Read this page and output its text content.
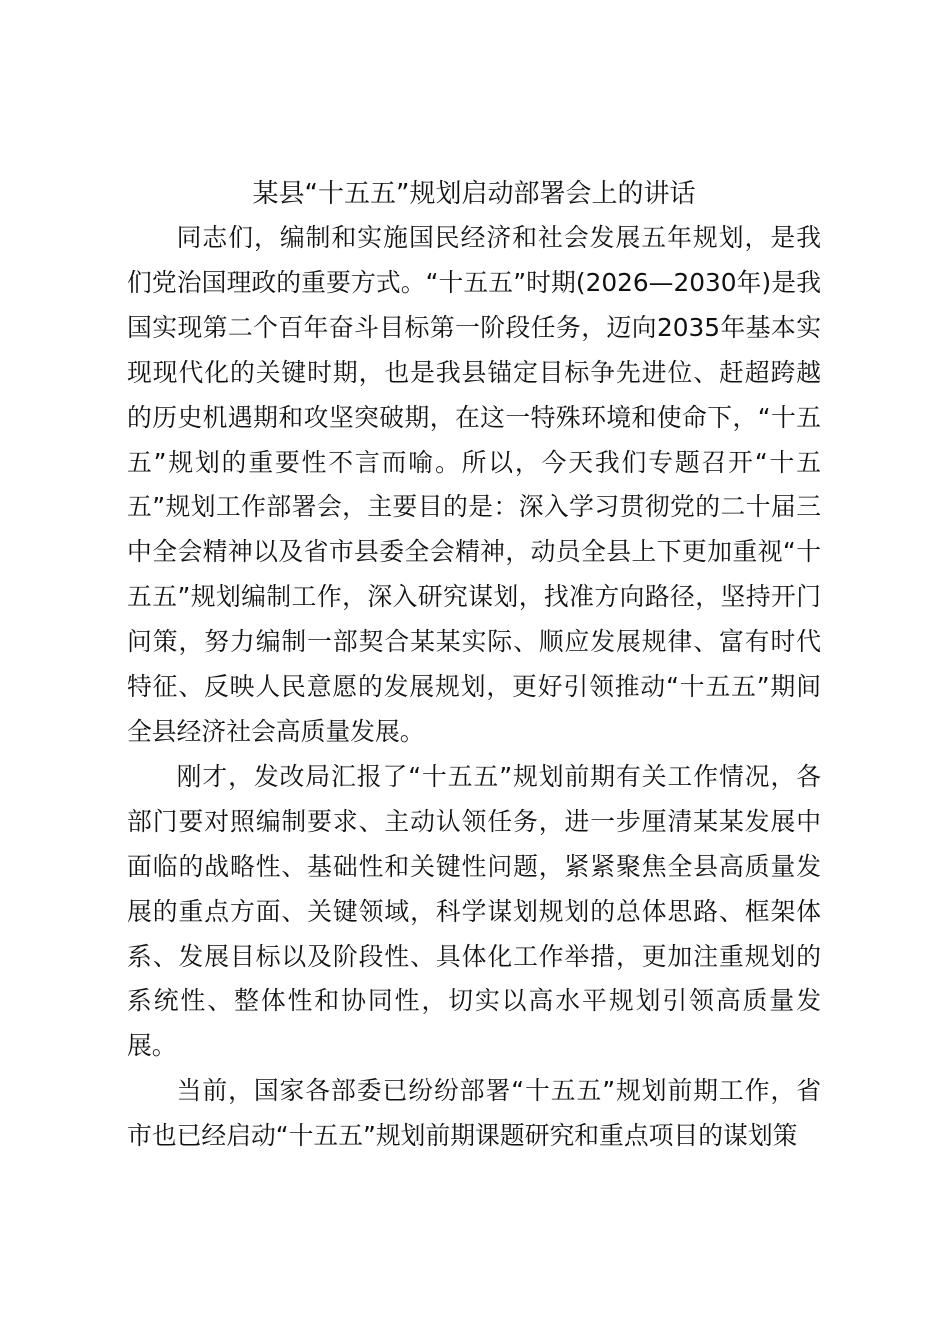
某县“十五五”规划启动部署会上的讲话

同志们，编制和实施国民经济和社会发展五年规划，是我们党治国理政的重要方式。“十五五”时期(2026—2030年)是我国实现第二个百年奋斗目标第一阶段任务，迈向2035年基本实现现代化的关键时期，也是我县锚定目标争先进位、赶超跨越的历史机遇期和攻坚突破期，在这一特殊环境和使命下，“十五五”规划的重要性不言而喻。所以，今天我们专题召开“十五五”规划工作部署会，主要目的是：深入学习贯彻党的二十届三中全会精神以及省市县委全会精神，动员全县上下更加重视“十五五”规划编制工作，深入研究谋划，找准方向路径，坚持开门问策，努力编制一部契合某某实际、顺应发展规律、富有时代特征、反映人民意愿的发展规划，更好引领推动“十五五”期间全县经济社会高质量发展。

刚才，发改局汇报了“十五五”规划前期有关工作情况，各部门要对照编制要求、主动认领任务，进一步厘清某某发展中面临的战略性、基础性和关键性问题，紧紧聚焦全县高质量发展的重点方面、关键领域，科学谋划规划的总体思路、框架体系、发展目标以及阶段性、具体化工作举措，更加注重规划的系统性、整体性和协同性，切实以高水平规划引领高质量发展。

当前，国家各部委已纷纷部署“十五五”规划前期工作，省市也已经启动“十五五”规划前期课题研究和重点项目的谋划策
